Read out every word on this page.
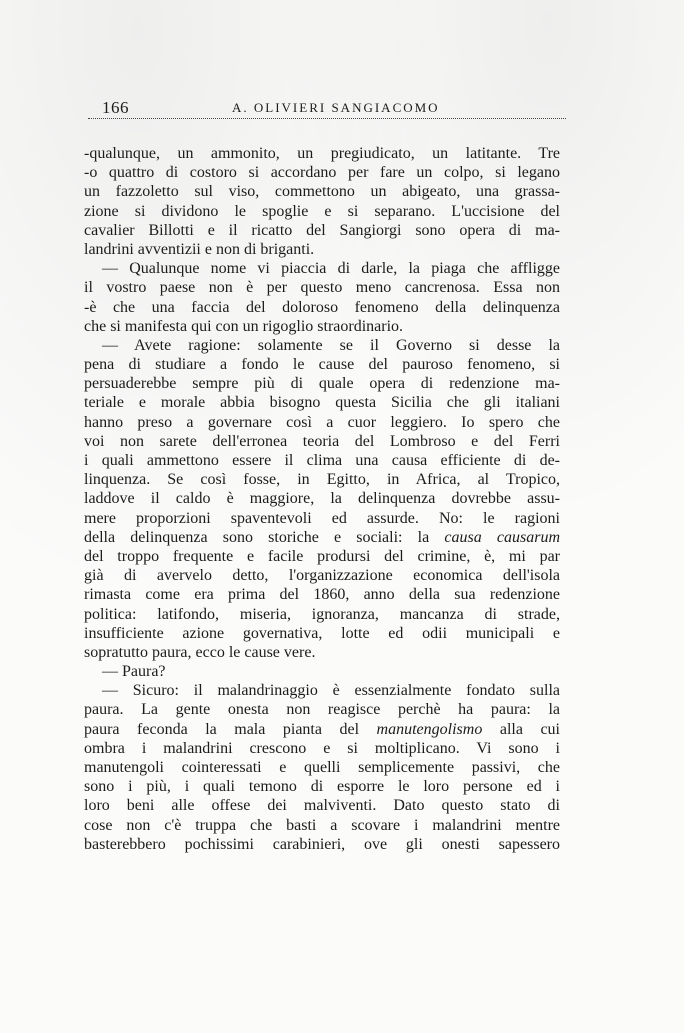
166	A. OLIVIERI SANGIACOMO
-qualunque, un ammonito, un pregiudicato, un latitante. Tre
-o quattro di costoro si accordano per fare un colpo, si legano
un fazzoletto sul viso, commettono un abigeato, una grassa-
zione si dividono le spoglie e si separano. L'uccisione del
cavalier Billotti e il ricatto del Sangiorgi sono opera di ma-
landrini avventizii e non di briganti.
— Qualunque nome vi piaccia di darle, la piaga che affligge
il vostro paese non è per questo meno cancrenosa. Essa non
-è che una faccia del doloroso fenomeno della delinquenza
che si manifesta qui con un rigoglio straordinario.
— Avete ragione: solamente se il Governo si desse la
pena di studiare a fondo le cause del pauroso fenomeno, si
persuaderebbe sempre più di quale opera di redenzione ma-
teriale e morale abbia bisogno questa Sicilia che gli italiani
hanno preso a governare così a cuor leggiero. Io spero che
voi non sarete dell'erronea teoria del Lombroso e del Ferri
i quali ammettono essere il clima una causa efficiente di de-
linquenza. Se così fosse, in Egitto, in Africa, al Tropico,
laddove il caldo è maggiore, la delinquenza dovrebbe assu-
mere proporzioni spaventevoli ed assurde. No: le ragioni
della delinquenza sono storiche e sociali: la causa causarum
del troppo frequente e facile prodursi del crimine, è, mi par
già di avervelo detto, l'organizzazione economica dell'isola
rimasta come era prima del 1860, anno della sua redenzione
politica: latifondo, miseria, ignoranza, mancanza di strade,
insufficiente azione governativa, lotte ed odii municipali e
sopratutto paura, ecco le cause vere.
— Paura?
— Sicuro: il malandrinaggio è essenzialmente fondato sulla
paura. La gente onesta non reagisce perchè ha paura: la
paura feconda la mala pianta del manutengolismo alla cui
ombra i malandrini crescono e si moltiplicano. Vi sono i
manutengoli cointeressati e quelli semplicemente passivi, che
sono i più, i quali temono di esporre le loro persone ed i
loro beni alle offese dei malviventi. Dato questo stato di
cose non c'è truppa che basti a scovare i malandrini mentre
basterebbero pochissimi carabinieri, ove gli onesti sapessero
